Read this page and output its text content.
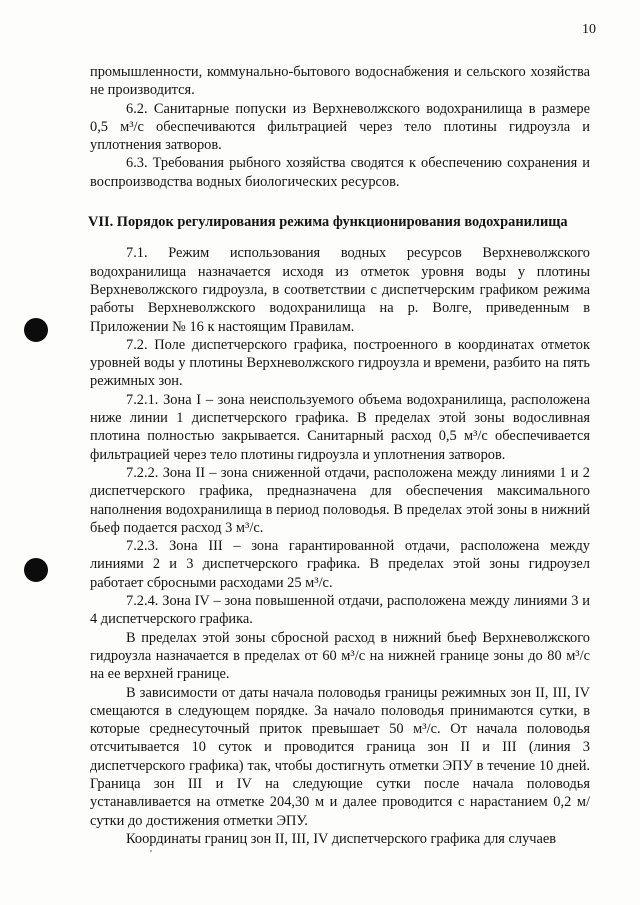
10

промышленности, коммунально-бытового водоснабжения и сельского хозяйства не производится.

6.2. Санитарные попуски из Верхневолжского водохранилища в размере 0,5 м³/с обеспечиваются фильтрацией через тело плотины гидроузла и уплотнения затворов.

6.3. Требования рыбного хозяйства сводятся к обеспечению сохранения и воспроизводства водных биологических ресурсов.

VII. Порядок регулирования режима функционирования водохранилища

7.1. Режим использования водных ресурсов Верхневолжского водохранилища назначается исходя из отметок уровня воды у плотины Верхневолжского гидроузла, в соответствии с диспетчерским графиком режима работы Верхневолжского водохранилища на р. Волге, приведенным в Приложении № 16 к настоящим Правилам.

7.2. Поле диспетчерского графика, построенного в координатах отметок уровней воды у плотины Верхневолжского гидроузла и времени, разбито на пять режимных зон.

7.2.1. Зона I – зона неиспользуемого объема водохранилища, расположена ниже линии 1 диспетчерского графика. В пределах этой зоны водосливная плотина полностью закрывается. Санитарный расход 0,5 м³/с обеспечивается фильтрацией через тело плотины гидроузла и уплотнения затворов.

7.2.2. Зона II – зона сниженной отдачи, расположена между линиями 1 и 2 диспетчерского графика, предназначена для обеспечения максимального наполнения водохранилища в период половодья. В пределах этой зоны в нижний бьеф подается расход 3 м³/с.

7.2.3. Зона III – зона гарантированной отдачи, расположена между линиями 2 и 3 диспетчерского графика. В пределах этой зоны гидроузел работает сбросными расходами 25 м³/с.

7.2.4. Зона IV – зона повышенной отдачи, расположена между линиями 3 и 4 диспетчерского графика.

В пределах этой зоны сбросной расход в нижний бьеф Верхневолжского гидроузла назначается в пределах от 60 м³/с на нижней границе зоны до 80 м³/с на ее верхней границе.

В зависимости от даты начала половодья границы режимных зон II, III, IV смещаются в следующем порядке. За начало половодья принимаются сутки, в которые среднесуточный приток превышает 50 м³/с. От начала половодья отсчитывается 10 суток и проводится граница зон II и III (линия 3 диспетчерского графика) так, чтобы достигнуть отметки ЭПУ в течение 10 дней. Граница зон III и IV на следующие сутки после начала половодья устанавливается на отметке 204,30 м и далее проводится с нарастанием 0,2 м/сутки до достижения отметки ЭПУ.

Координаты границ зон II, III, IV диспетчерского графика для случаев
